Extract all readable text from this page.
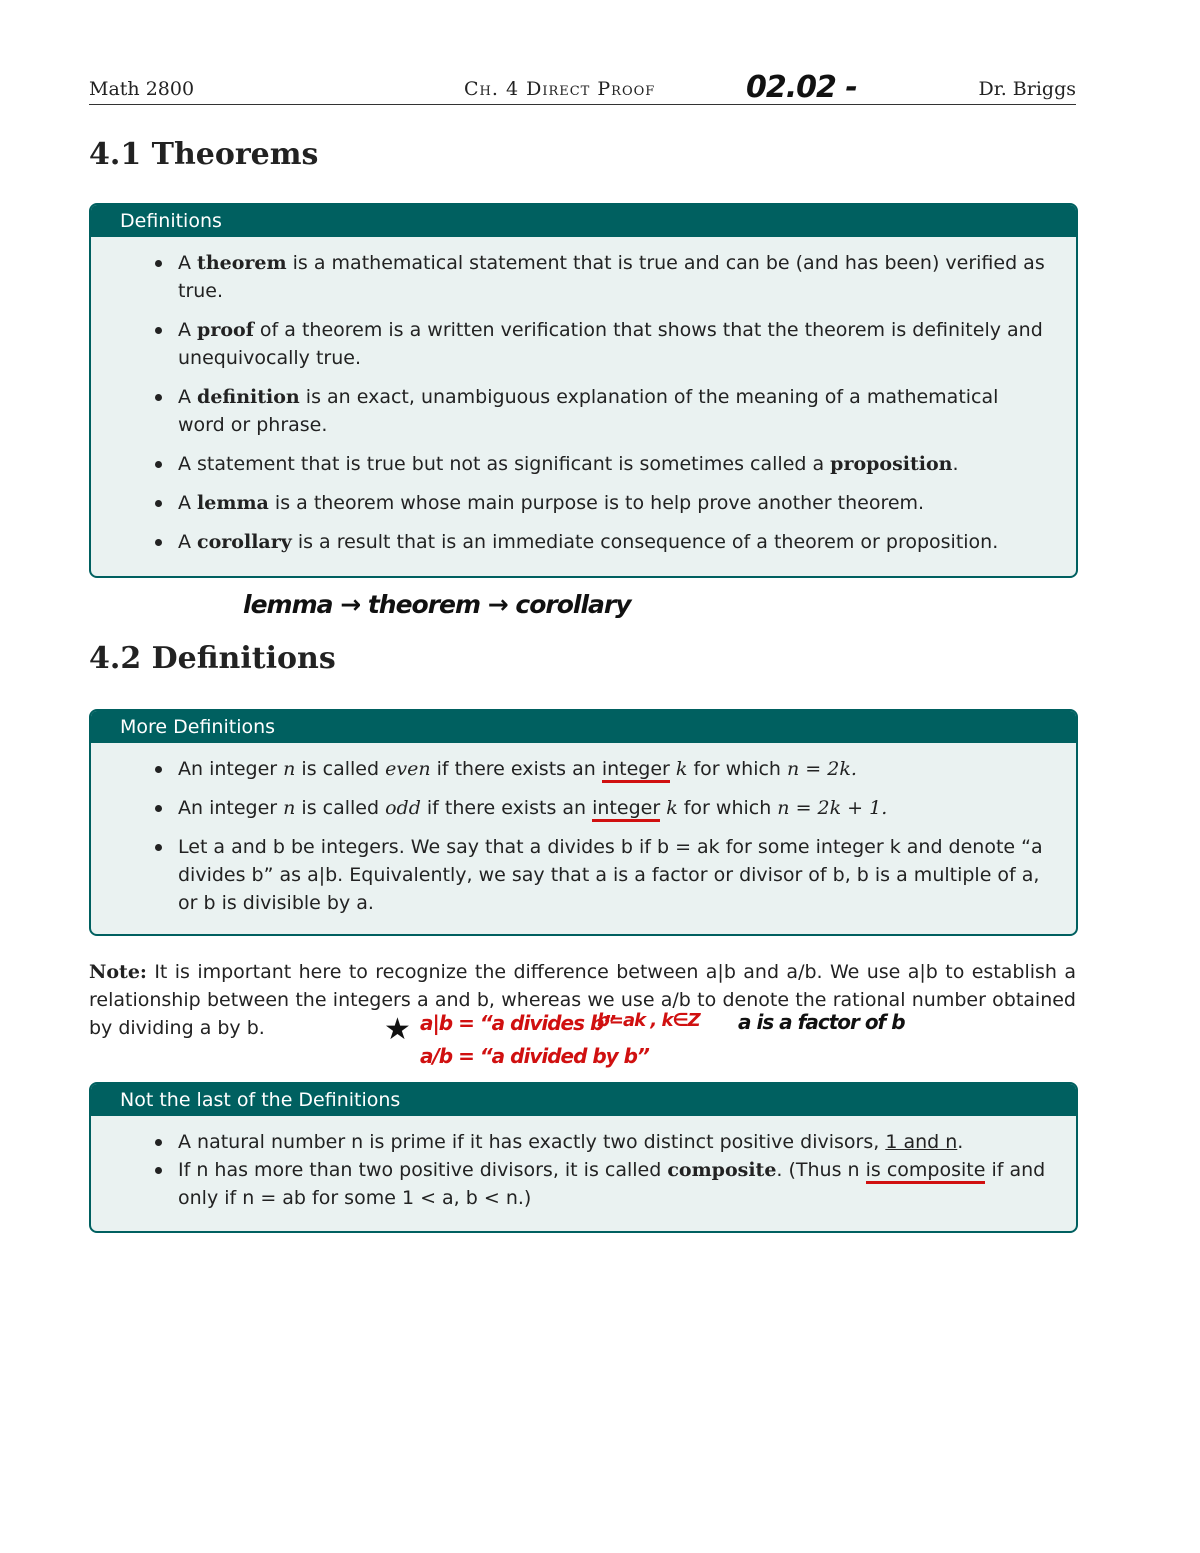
Math 2800	Ch. 4 Direct Proof	02.02 -	Dr. Briggs
4.1 Theorems
Definitions
A theorem is a mathematical statement that is true and can be (and has been) verified as true.
A proof of a theorem is a written verification that shows that the theorem is definitely and unequivocally true.
A definition is an exact, unambiguous explanation of the meaning of a mathematical word or phrase.
A statement that is true but not as significant is sometimes called a proposition.
A lemma is a theorem whose main purpose is to help prove another theorem.
A corollary is a result that is an immediate consequence of a theorem or proposition.
lemma → theorem → corollary
4.2 Definitions
More Definitions
An integer n is called even if there exists an integer k for which n = 2k.
An integer n is called odd if there exists an integer k for which n = 2k + 1.
Let a and b be integers. We say that a divides b if b = ak for some integer k and denote “a divides b” as a|b. Equivalently, we say that a is a factor or divisor of b, b is a multiple of a, or b is divisible by a.
Note: It is important here to recognize the difference between a|b and a/b. We use a|b to establish a relationship between the integers a and b, whereas we use a/b to denote the rational number obtained by dividing a by b.	★ a|b = “a divides b”
b=ak , k∈Z a is a factor of b
a/b = “a divided by b”
Not the last of the Definitions
A natural number n is prime if it has exactly two distinct positive divisors, 1 and n.
If n has more than two positive divisors, it is called composite. (Thus n is composite if and only if n = ab for some 1 < a, b < n.)
